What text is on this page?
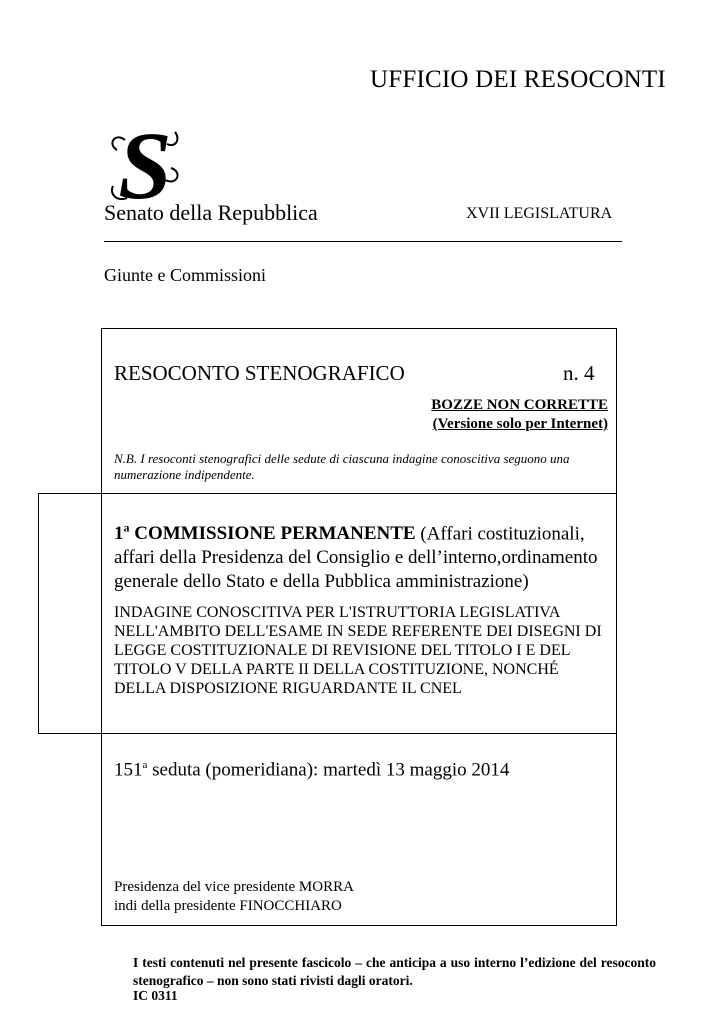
UFFICIO DEI RESOCONTI
S
Senato della Repubblica	XVII LEGISLATURA
Giunte e Commissioni
RESOCONTO STENOGRAFICO	n. 4
BOZZE NON CORRETTE
(Versione solo per Internet)
N.B. I resoconti stenografici delle sedute di ciascuna indagine conoscitiva seguono una numerazione indipendente.
1$^a$ COMMISSIONE PERMANENTE (Affari costituzionali, affari della Presidenza del Consiglio e dell’interno,ordinamento generale dello Stato e della Pubblica amministrazione)
INDAGINE CONOSCITIVA PER L'ISTRUTTORIA LEGISLATIVA NELL'AMBITO DELL'ESAME IN SEDE REFERENTE DEI DISEGNI DI LEGGE COSTITUZIONALE DI REVISIONE DEL TITOLO I E DEL TITOLO V DELLA PARTE II DELLA COSTITUZIONE, NONCHÉ DELLA DISPOSIZIONE RIGUARDANTE IL CNEL
151$^a$ seduta (pomeridiana): martedì 13 maggio 2014
Presidenza del vice presidente MORRA
indi della presidente FINOCCHIARO

I testi contenuti nel presente fascicolo – che anticipa a uso interno l’edizione del resoconto stenografico – non sono stati rivisti dagli oratori.

IC 0311
